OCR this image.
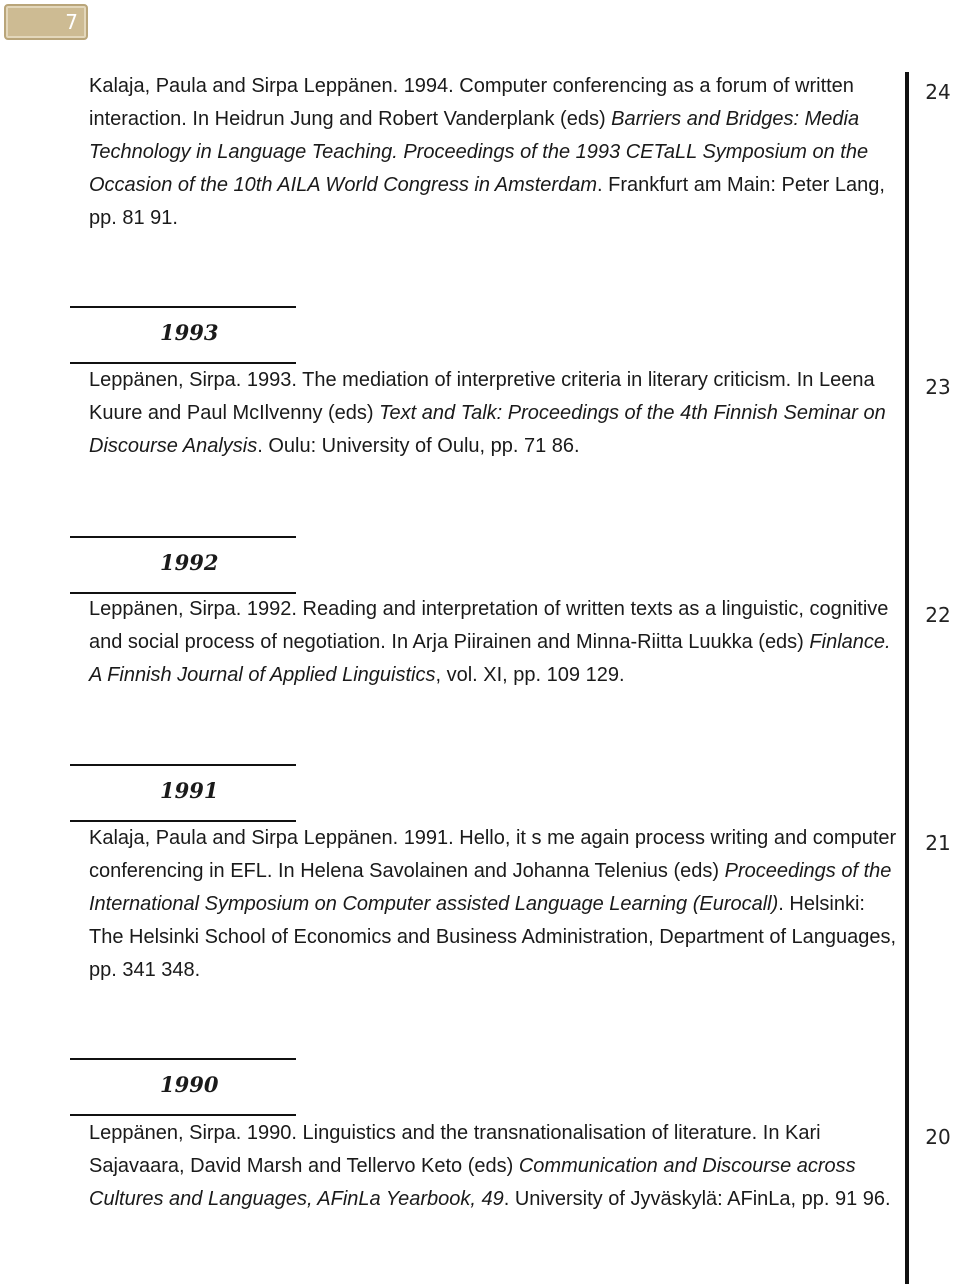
7
24
23
22
21
20

Kalaja, Paula and Sirpa Leppänen. 1994. Computer conferencing as a forum of written interaction. In Heidrun Jung and Robert Vanderplank (eds) Barriers and Bridges: Media Technology in Language Teaching. Proceedings of the 1993 CETaLL Symposium on the Occasion of the 10th AILA World Congress in Amsterdam. Frankfurt am Main: Peter Lang, pp. 81 91.

1993

Leppänen, Sirpa. 1993. The mediation of interpretive criteria in literary criticism. In Leena Kuure and Paul McIlvenny (eds) Text and Talk: Proceedings of the 4th Finnish Seminar on Discourse Analysis. Oulu: University of Oulu, pp. 71 86.

1992

Leppänen, Sirpa. 1992. Reading and interpretation of written texts as a linguistic, cognitive and social process of negotiation. In Arja Piirainen and Minna-Riitta Luukka (eds) Finlance. A Finnish Journal of Applied Linguistics, vol. XI, pp. 109 129.

1991

Kalaja, Paula and Sirpa Leppänen. 1991. Hello, it s me again process writing and computer conferencing in EFL. In Helena Savolainen and Johanna Telenius (eds) Proceedings of the International Symposium on Computer assisted Language Learning (Eurocall). Helsinki: The Helsinki School of Economics and Business Administration, Department of Languages, pp. 341 348.

1990

Leppänen, Sirpa. 1990. Linguistics and the transnationalisation of literature. In Kari Sajavaara, David Marsh and Tellervo Keto (eds) Communication and Discourse across Cultures and Languages, AFinLa Yearbook, 49. University of Jyväskylä: AFinLa, pp. 91 96.
